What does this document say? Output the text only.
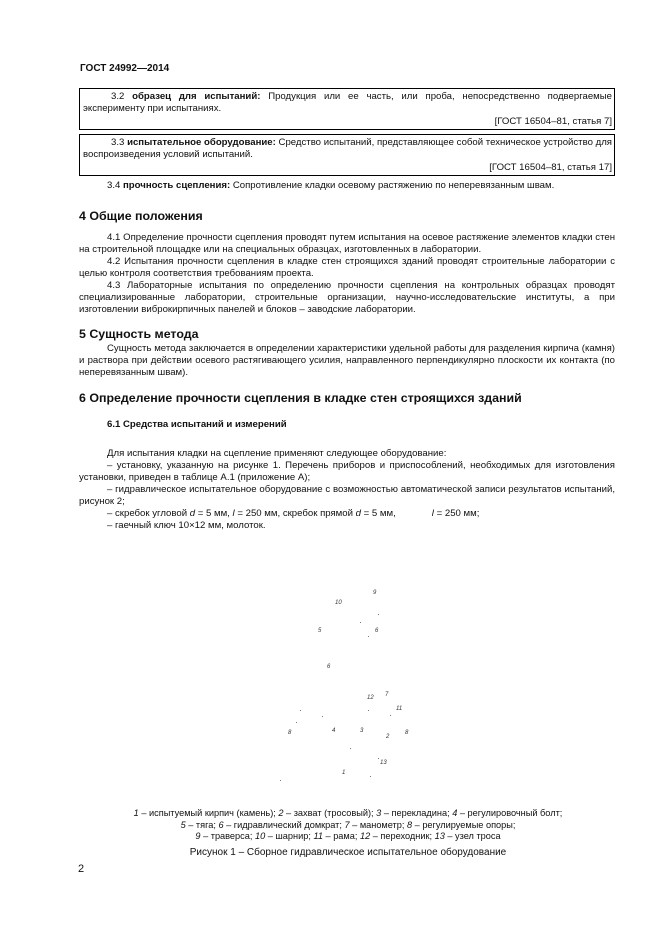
ГОСТ 24992—2014

3.2 образец для испытаний: Продукция или ее часть, или проба, непосредственно подвергаемые эксперименту при испытаниях.

[ГОСТ 16504–81, статья 7]

3.3 испытательное оборудование: Средство испытаний, представляющее собой техническое устройство для воспроизведения условий испытаний.

[ГОСТ 16504–81, статья 17]

3.4 прочность сцепления: Сопротивление кладки осевому растяжению по неперевязанным швам.

4 Общие положения

4.1 Определение прочности сцепления проводят путем испытания на осевое растяжение элементов кладки стен на строительной площадке или на специальных образцах, изготовленных в лаборатории.

4.2 Испытания прочности сцепления в кладке стен строящихся зданий проводят строительные лаборатории с целью контроля соответствия требованиям проекта.

4.3 Лабораторные испытания по определению прочности сцепления на контрольных образцах проводят специализированные лаборатории, строительные организации, научно-исследовательские институты, а при изготовлении виброкирпичных панелей и блоков – заводские лаборатории.

5 Сущность метода

Сущность метода заключается в определении характеристики удельной работы для разделения кирпича (камня) и раствора при действии осевого растягивающего усилия, направленного перпендикулярно плоскости их контакта (по неперевязанным швам).

6 Определение прочности сцепления в кладке стен строящихся зданий
6.1 Средства испытаний и измерений

Для испытания кладки на сцепление применяют следующее оборудование:

– установку, указанную на рисунке 1. Перечень приборов и приспособлений, необходимых для изготовления установки, приведен в таблице А.1 (приложение А);

– гидравлическое испытательное оборудование с возможностью автоматической записи результатов испытаний, рисунок 2;

– скребок угловой d = 5 мм, l = 250 мм, скребок прямой d = 5 мм,	l = 250 мм;

– гаечный ключ 10×12 мм, молоток.

9
10
5	6
6
12 7
11
8	4	3
2
8
13
1
1 – испытуемый кирпич (камень); 2 – захват (тросовый); 3 – перекладина; 4 – регулировочный болт;
5 – тяга; 6 – гидравлический домкрат; 7 – манометр; 8 – регулируемые опоры;
9 – траверса; 10 – шарнир; 11 – рама; 12 – переходник; 13 – узел троса
Рисунок 1 – Сборное гидравлическое испытательное оборудование
2
